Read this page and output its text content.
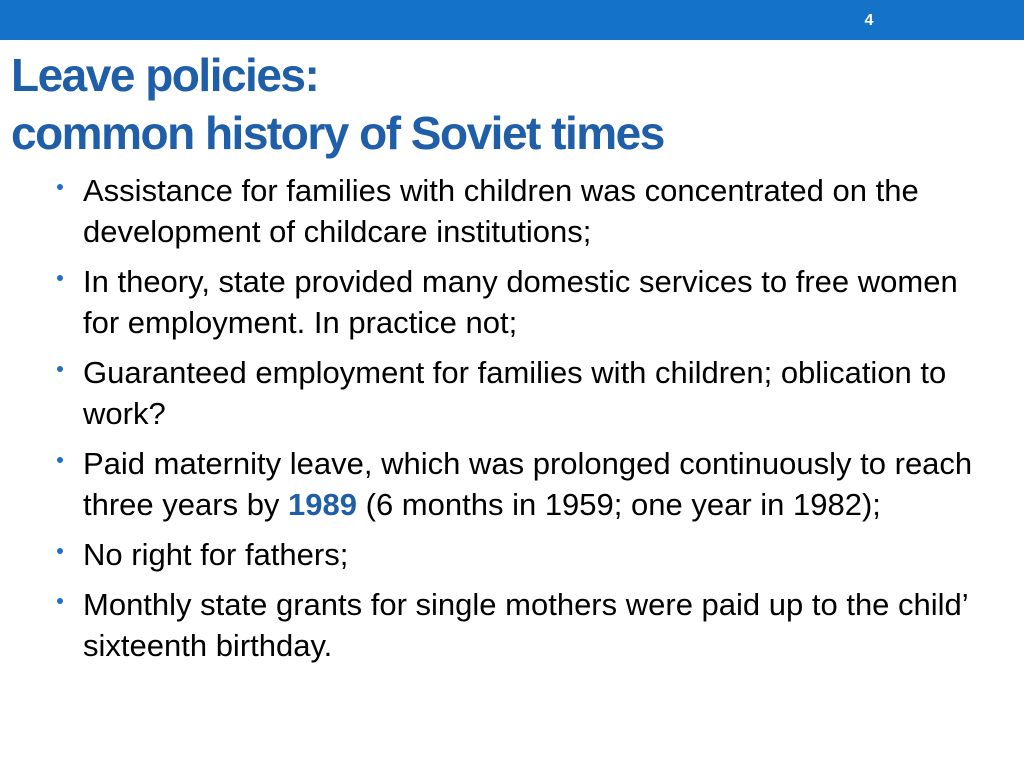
4
Leave policies:
common history of Soviet times
Assistance for families with children was concentrated on the development of childcare institutions;
In theory, state provided many domestic services to free women for employment. In practice not;
Guaranteed employment for families with children; oblication to work?
Paid maternity leave, which was prolonged continuously to reach three years by 1989 (6 months in 1959; one year in 1982);
No right for fathers;
Monthly state grants for single mothers were paid up to the child’ sixteenth birthday.
